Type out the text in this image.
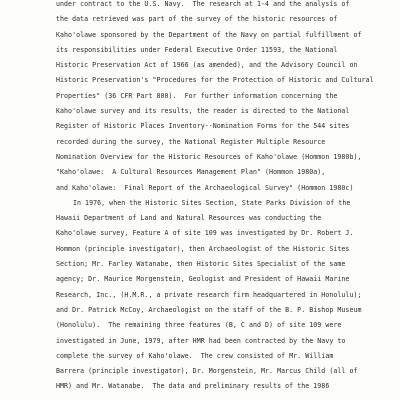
under contract to the U.S. Navy.  The research at 1-4 and the analysis of
the data retrieved was part of the survey of the historic resources of
Kaho'olawe sponsored by the Department of the Navy on partial fulfillment of
its responsibilities under Federal Executive Order 11593, the National
Historic Preservation Act of 1966 (as amended), and the Advisory Council on
Historic Preservation's "Procedures for the Protection of Historic and Cultural
Properties" (36 CFR Part 800).  For further information concerning the
Kaho'olawe survey and its results, the reader is directed to the National
Register of Historic Places Inventory--Nomination Forms for the 544 sites
recorded during the survey, the National Register Multiple Resource
Nomination Overview for the Historic Resources of Kaho'olawe (Hommon 1980b),
"Kaho'olawe:  A Cultural Resources Management Plan" (Hommon 1980a),
and Kaho'olawe:  Final Report of the Archaeological Survey" (Hommon 1980c)
In 1976, when the Historic Sites Section, State Parks Division of the
Hawaii Department of Land and Natural Resources was conducting the
Kaho'olawe survey, Feature A of site 109 was investigated by Dr. Robert J.
Hommon (principle investigator), then Archaeologist of the Historic Sites
Section; Mr. Farley Watanabe, then Historic Sites Specialist of the same
agency; Dr. Maurice Morgenstein, Geologist and President of Hawaii Marine
Research, Inc., (H.M.R., a private research firm headquartered in Honolulu);
and Dr. Patrick McCoy, Archaeologist on the staff of the B. P. Bishop Museum
(Honolulu).  The remaining three features (B, C and D) of site 109 were
investigated in June, 1979, after HMR had been contracted by the Navy to
complete the survey of Kaho'olawe.  The crew consisted of Mr. William
Barrera (principle investigator), Dr. Morgenstein, Mr. Marcus Child (all of
HMR) and Mr. Watanabe.  The data and preliminary results of the 1986
